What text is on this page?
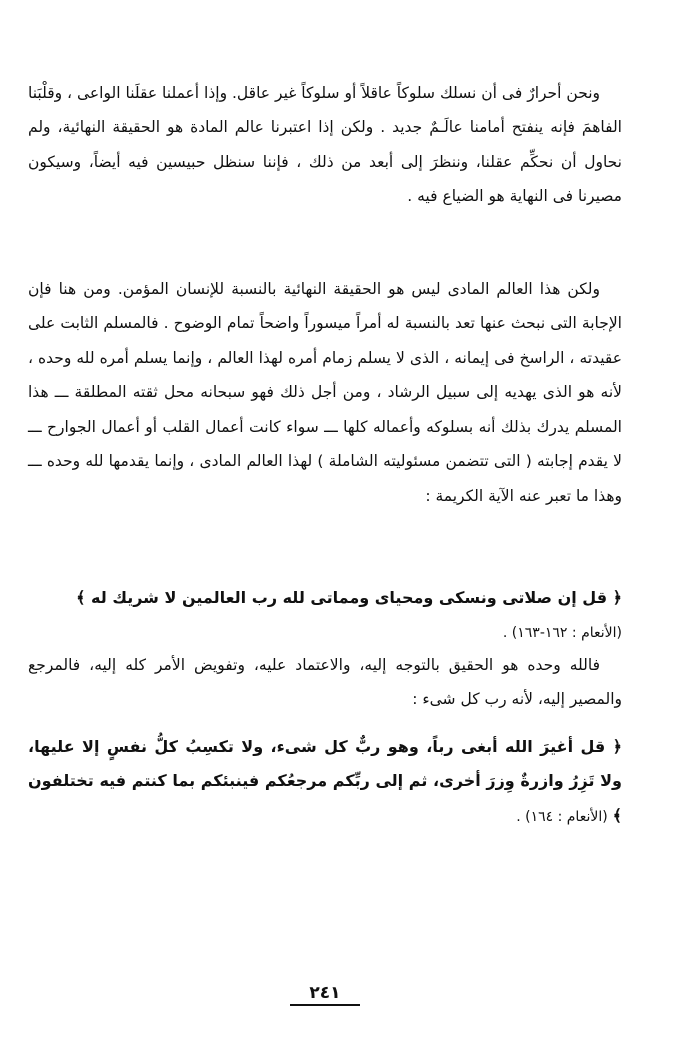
ونحن أحرارٌ فى أن نسلك سلوكاً عاقلاً أو سلوكاً غير عاقل. وإذا أعملنا عقلَنا الواعى ، وقلْبَنا الفاهمَ فإنه ينفتح أمامنا عالَـمٌ جديد . ولكن إذا اعتبرنا عالم المادة هو الحقيقة النهائية، ولم نحاول أن نحكِّم عقلنا، وننظرَ إلى أبعد من ذلك ، فإننا سنظل حبيسين فيه أيضاً، وسيكون مصيرنا فى النهاية هو الضياع فيه .

ولكن هذا العالم المادى ليس هو الحقيقة النهائية بالنسبة للإنسان المؤمن. ومن هنا فإن الإجابة التى نبحث عنها تعد بالنسبة له أمراً ميسوراً واضحاً تمام الوضوح . فالمسلم الثابت على عقيدته ، الراسخ فى إيمانه ، الذى لا يسلم زمام أمره لهذا العالم ، وإنما يسلم أمره لله وحده ، لأنه هو الذى يهديه إلى سبيل الرشاد ، ومن أجل ذلك فهو سبحانه محل ثقته المطلقة ـــ هذا المسلم يدرك بذلك أنه بسلوكه وأعماله كلها ـــ سواء كانت أعمال القلب أو أعمال الجوارح ـــ لا يقدم إجابته ( التى تتضمن مسئوليته الشاملة ) لهذا العالم المادى ، وإنما يقدمها لله وحده ـــ وهذا ما تعبر عنه الآية الكريمة :

﴿ قل إن صلاتى ونسكى ومحياى ومماتى لله رب العالمين لا شريك له ﴾
(الأنعام : ١٦٢-١٦٣) .

فالله وحده هو الحقيق بالتوجه إليه، والاعتماد عليه، وتفويض الأمر كله إليه، فالمرجع والمصير إليه، لأنه رب كل شىء :

﴿ قل أغيرَ الله أبغى رباً، وهو ربٌّ كل شىء، ولا تكسِبُ كلُّ نفسٍ إلا عليها، ولا تَزِرُ وازرةٌ وِزرَ أخرى، ثم إلى ربِّكم مرجعُكم فينبئكم بما كنتم فيه تختلفون ﴾ (الأنعام : ١٦٤) .

٢٤١
